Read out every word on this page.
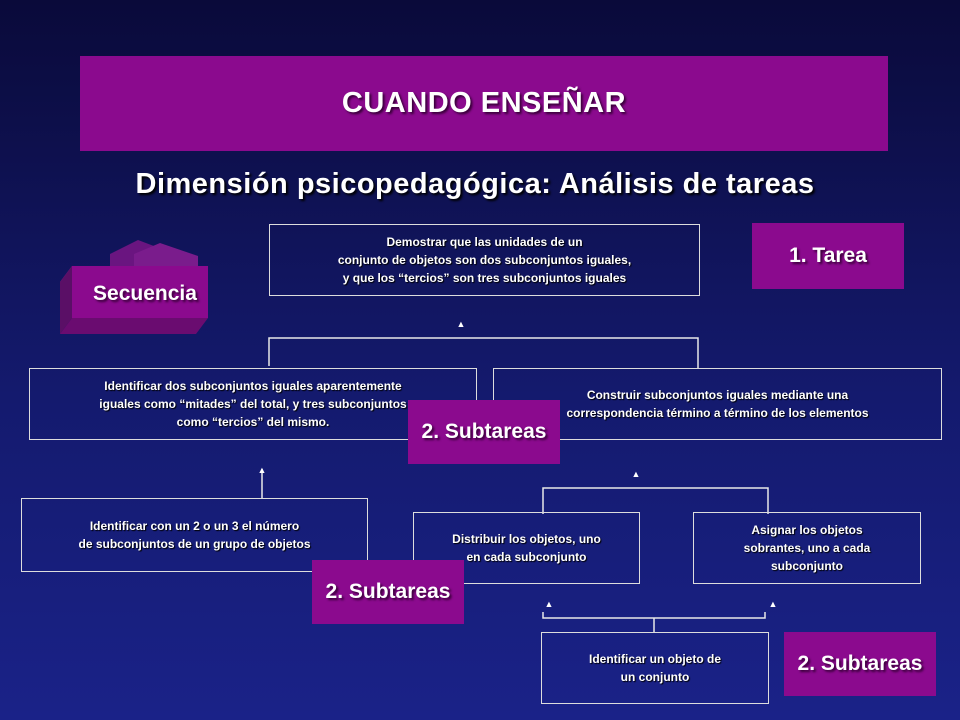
CUANDO ENSEÑAR
Dimensión psicopedagógica: Análisis de tareas
Secuencia
Demostrar que las unidades de un
conjunto de objetos son dos subconjuntos iguales,
y que los “tercios” son tres subconjuntos iguales
1. Tarea
▲
Identificar dos subconjuntos iguales aparentemente
iguales como “mitades” del total, y tres subconjuntos
como “tercios” del mismo.
Construir subconjuntos iguales mediante una
correspondencia término a término de los elementos
2. Subtareas
▲	▲
Identificar con un 2 o un 3 el número
de subconjuntos de un grupo de objetos	Distribuir los objetos, uno
en cada subconjunto
Asignar los objetos
sobrantes, uno a cada
subconjunto
2. Subtareas
▲	▲
Identificar un objeto de
un conjunto
2. Subtareas
